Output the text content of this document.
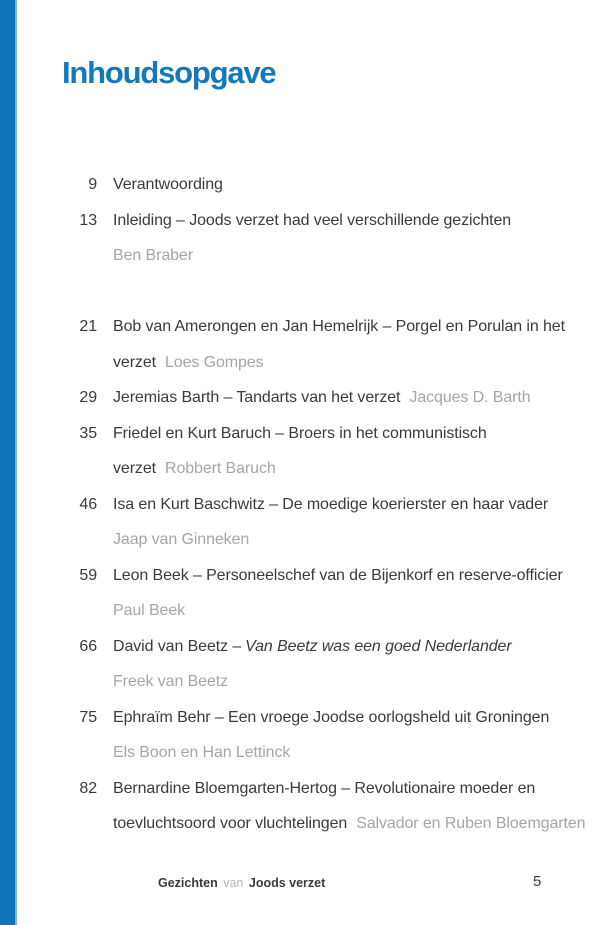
Inhoudsopgave
9 Verantwoording
13 Inleiding – Joods verzet had veel verschillende gezichten
Ben Braber
21 Bob van Amerongen en Jan Hemelrijk – Porgel en Porulan in het
verzet Loes Gompes
29 Jeremias Barth – Tandarts van het verzet Jacques D. Barth
35 Friedel en Kurt Baruch – Broers in het communistisch
verzet Robbert Baruch
46 Isa en Kurt Baschwitz – De moedige koerierster en haar vader
Jaap van Ginneken
59 Leon Beek – Personeelschef van de Bijenkorf en reserve-officier
Paul Beek
66 David van Beetz – Van Beetz was een goed Nederlander
Freek van Beetz
75 Ephraïm Behr – Een vroege Joodse oorlogsheld uit Groningen
Els Boon en Han Lettinck
82 Bernardine Bloemgarten-Hertog – Revolutionaire moeder en
toevluchtsoord voor vluchtelingen Salvador en Ruben Bloemgarten
Gezichten van Joods verzet	5
